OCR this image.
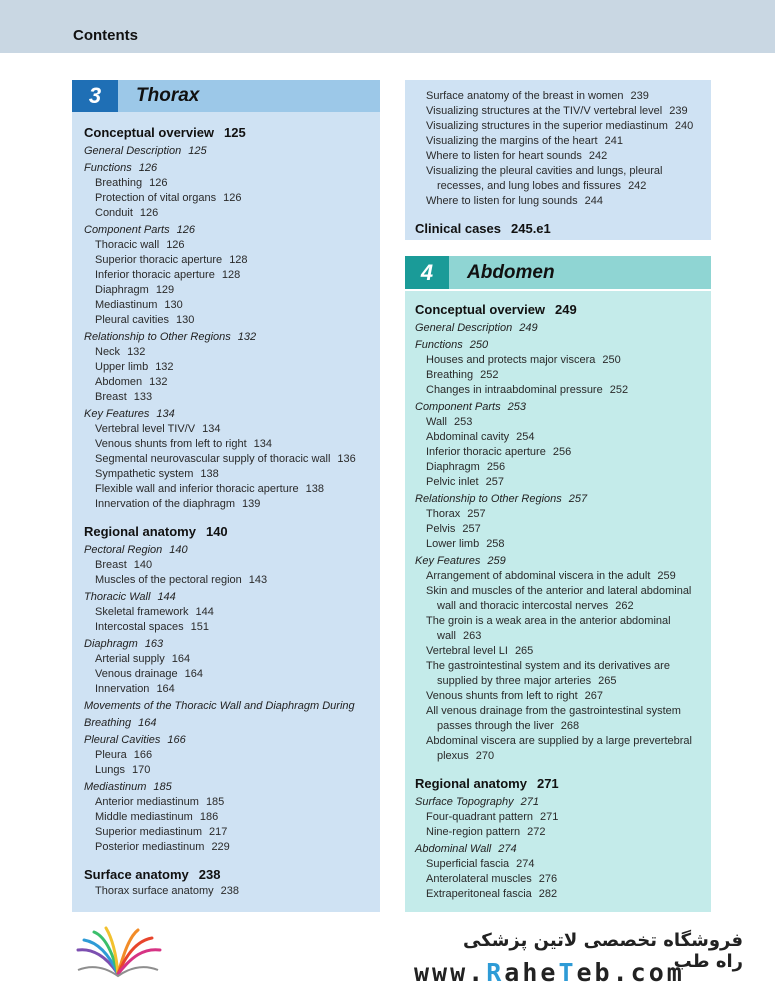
Contents
3	Thorax
Conceptual overview 125
General Description 125
Functions 126
Breathing 126
Protection of vital organs 126
Conduit 126
Component Parts 126
Thoracic wall 126
Superior thoracic aperture 128
Inferior thoracic aperture 128
Diaphragm 129
Mediastinum 130
Pleural cavities 130
Relationship to Other Regions 132
Neck 132
Upper limb 132
Abdomen 132
Breast 133
Key Features 134
Vertebral level TIV/V 134
Venous shunts from left to right 134
Segmental neurovascular supply of thoracic wall 136
Sympathetic system 138
Flexible wall and inferior thoracic aperture 138
Innervation of the diaphragm 139
Regional anatomy 140
Pectoral Region 140
Breast 140
Muscles of the pectoral region 143
Thoracic Wall 144
Skeletal framework 144
Intercostal spaces 151
Diaphragm 163
Arterial supply 164
Venous drainage 164
Innervation 164
Movements of the Thoracic Wall and Diaphragm During
Breathing 164
Pleural Cavities 166
Pleura 166
Lungs 170
Mediastinum 185
Anterior mediastinum 185
Middle mediastinum 186
Superior mediastinum 217
Posterior mediastinum 229
Surface anatomy 238
Thorax surface anatomy 238
Surface anatomy of the breast in women 239
Visualizing structures at the TIV/V vertebral level 239
Visualizing structures in the superior mediastinum 240
Visualizing the margins of the heart 241
Where to listen for heart sounds 242
Visualizing the pleural cavities and lungs, pleural
recesses, and lung lobes and fissures 242
Where to listen for lung sounds 244
Clinical cases 245.e1
4	Abdomen
Conceptual overview 249
General Description 249
Functions 250
Houses and protects major viscera 250
Breathing 252
Changes in intraabdominal pressure 252
Component Parts 253
Wall 253
Abdominal cavity 254
Inferior thoracic aperture 256
Diaphragm 256
Pelvic inlet 257
Relationship to Other Regions 257
Thorax 257
Pelvis 257
Lower limb 258
Key Features 259
Arrangement of abdominal viscera in the adult 259
Skin and muscles of the anterior and lateral abdominal
wall and thoracic intercostal nerves 262
The groin is a weak area in the anterior abdominal
wall 263
Vertebral level LI 265
The gastrointestinal system and its derivatives are
supplied by three major arteries 265
Venous shunts from left to right 267
All venous drainage from the gastrointestinal system
passes through the liver 268
Abdominal viscera are supplied by a large prevertebral
plexus 270
Regional anatomy 271
Surface Topography 271
Four-quadrant pattern 271
Nine-region pattern 272
Abdominal Wall 274
Superficial fascia 274
Anterolateral muscles 276
Extraperitoneal fascia 282
فروشگاه تخصصی لاتین پزشکی راه طب
www.RaheTeb.com
